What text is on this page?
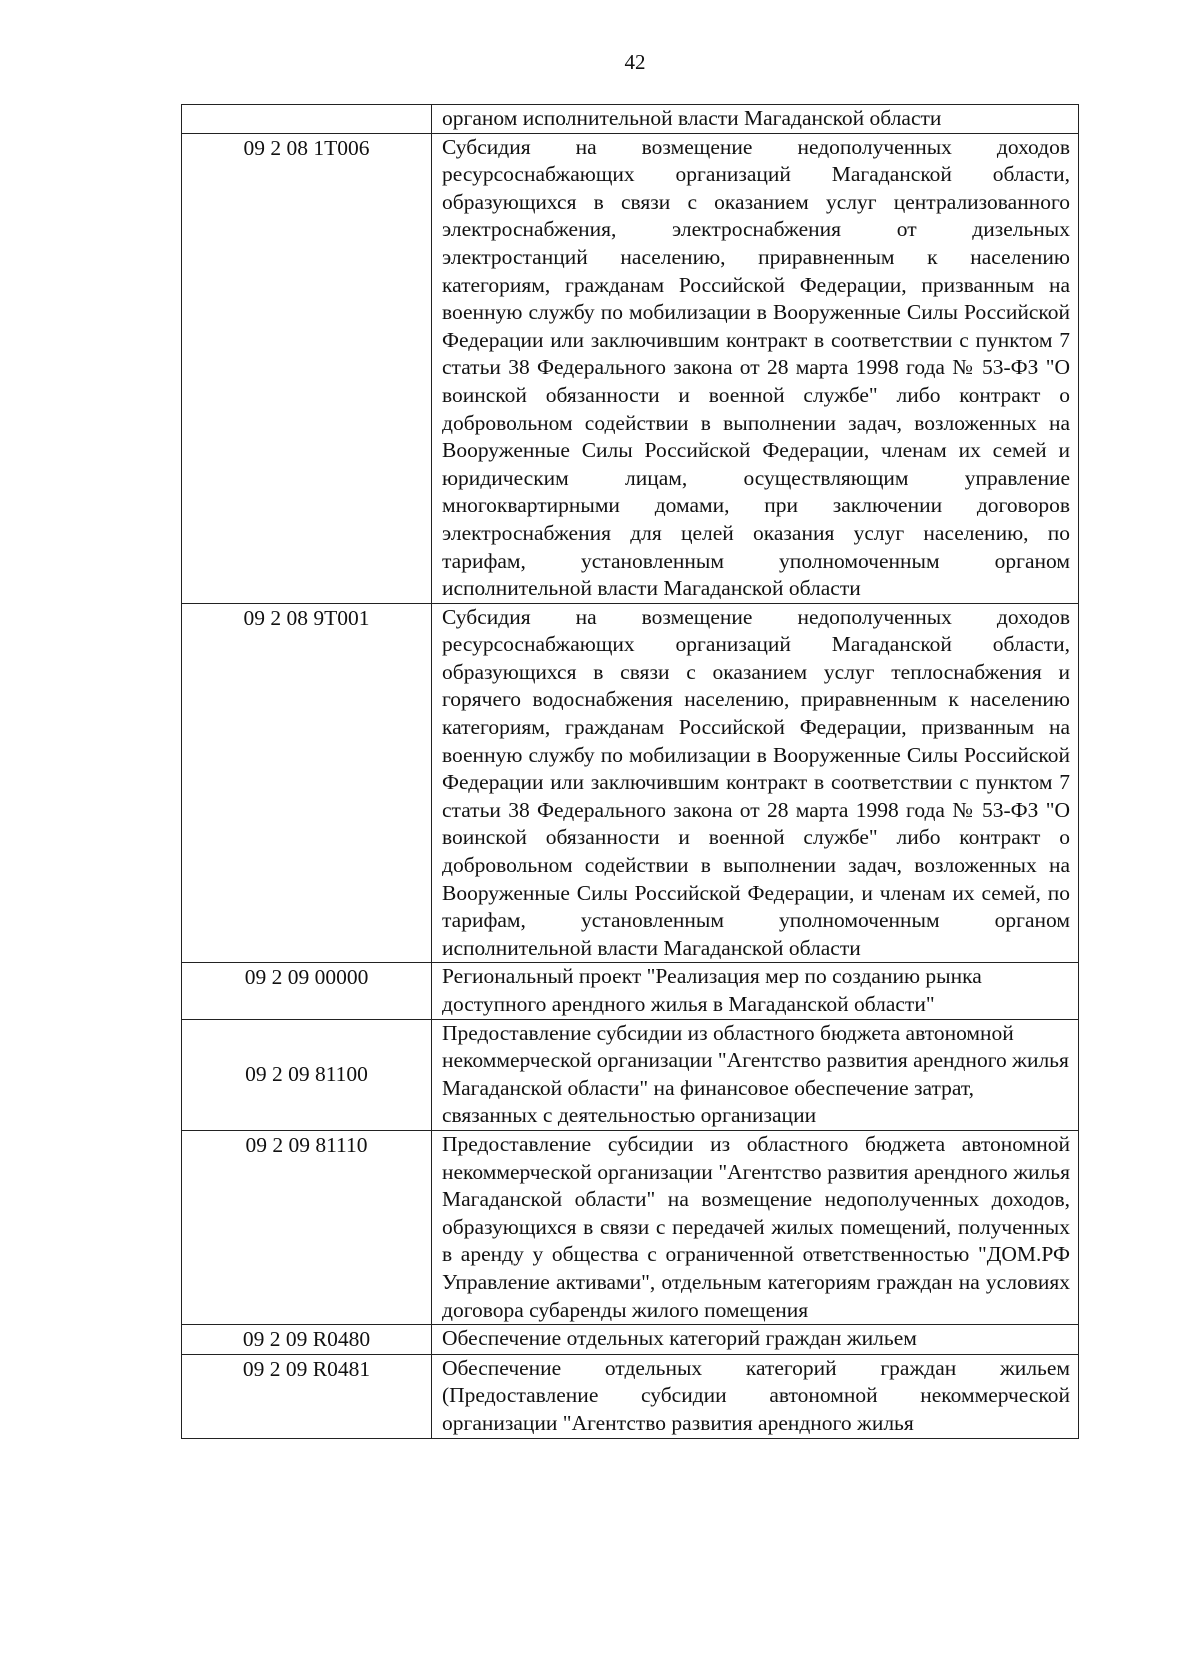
42
	органом исполнительной власти Магаданской области
09 2 08 1Т006	Субсидия на возмещение недополученных доходов ресурсоснабжающих организаций Магаданской области, образующихся в связи с оказанием услуг централизованного электроснабжения, электроснабжения от дизельных электростанций населению, приравненным к населению категориям, гражданам Российской Федерации, призванным на военную службу по мобилизации в Вооруженные Силы Российской Федерации или заключившим контракт в соответствии с пунктом 7 статьи 38 Федерального закона от 28 марта 1998 года № 53-ФЗ "О воинской обязанности и военной службе" либо контракт о добровольном содействии в выполнении задач, возложенных на Вооруженные Силы Российской Федерации, членам их семей и юридическим лицам, осуществляющим управление многоквартирными домами, при заключении договоров электроснабжения для целей оказания услуг населению, по тарифам, установленным уполномоченным органом исполнительной власти Магаданской области
09 2 08 9Т001	Субсидия на возмещение недополученных доходов ресурсоснабжающих организаций Магаданской области, образующихся в связи с оказанием услуг теплоснабжения и горячего водоснабжения населению, приравненным к населению категориям, гражданам Российской Федерации, призванным на военную службу по мобилизации в Вооруженные Силы Российской Федерации или заключившим контракт в соответствии с пунктом 7 статьи 38 Федерального закона от 28 марта 1998 года № 53-ФЗ "О воинской обязанности и военной службе" либо контракт о добровольном содействии в выполнении задач, возложенных на Вооруженные Силы Российской Федерации, и членам их семей, по тарифам, установленным уполномоченным органом исполнительной власти Магаданской области
09 2 09 00000	Региональный проект "Реализация мер по созданию рынка доступного арендного жилья в Магаданской области"
09 2 09 81100	Предоставление субсидии из областного бюджета автономной некоммерческой организации "Агентство развития арендного жилья Магаданской области" на финансовое обеспечение затрат, связанных с деятельностью организации
09 2 09 81110	Предоставление субсидии из областного бюджета автономной некоммерческой организации "Агентство развития арендного жилья Магаданской области" на возмещение недополученных доходов, образующихся в связи с передачей жилых помещений, полученных в аренду у общества с ограниченной ответственностью "ДОМ.РФ Управление активами", отдельным категориям граждан на условиях договора субаренды жилого помещения
09 2 09 R0480	Обеспечение отдельных категорий граждан жильем
09 2 09 R0481	Обеспечение отдельных категорий граждан жильем (Предоставление субсидии автономной некоммерческой организации "Агентство развития арендного жилья
